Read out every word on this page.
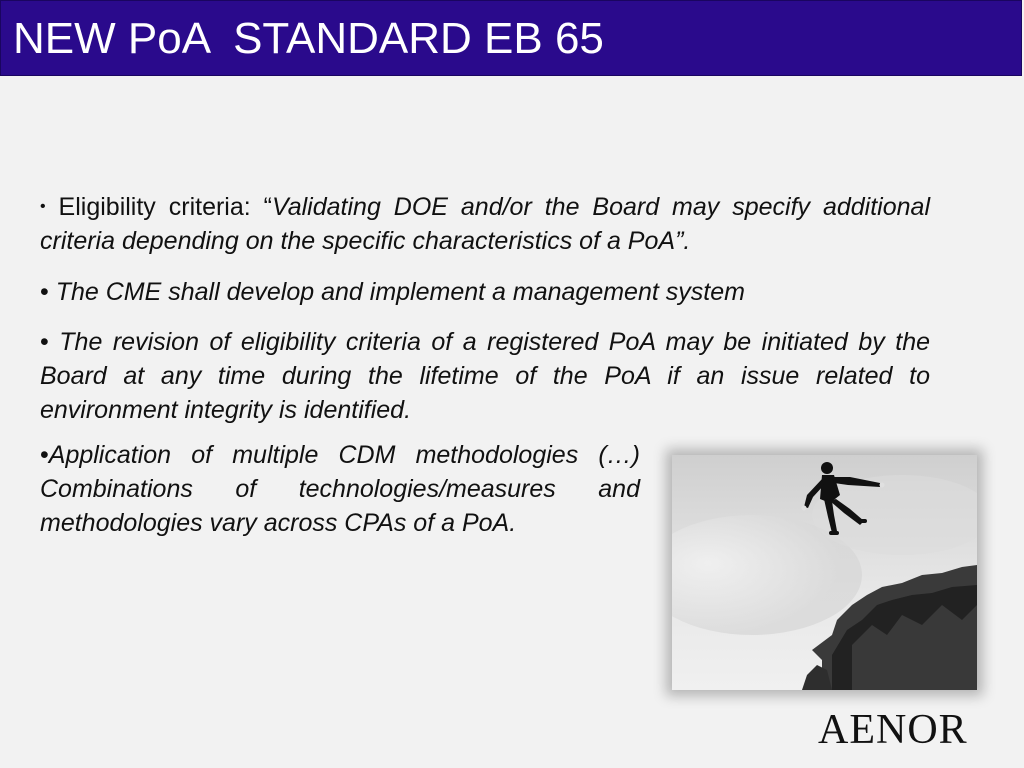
NEW PoA  STANDARD EB 65
• Eligibility criteria: “Validating DOE and/or the Board may specify additional criteria depending on the specific characteristics of a PoA”.
• The CME shall develop and implement a management system
• The revision of eligibility criteria of a registered PoA may be initiated by the Board at any time during the lifetime of the PoA if an issue related to environment integrity is identified.
•Application of multiple CDM methodologies (…) Combinations of technologies/measures and methodologies vary across CPAs of a PoA.
AENOR
